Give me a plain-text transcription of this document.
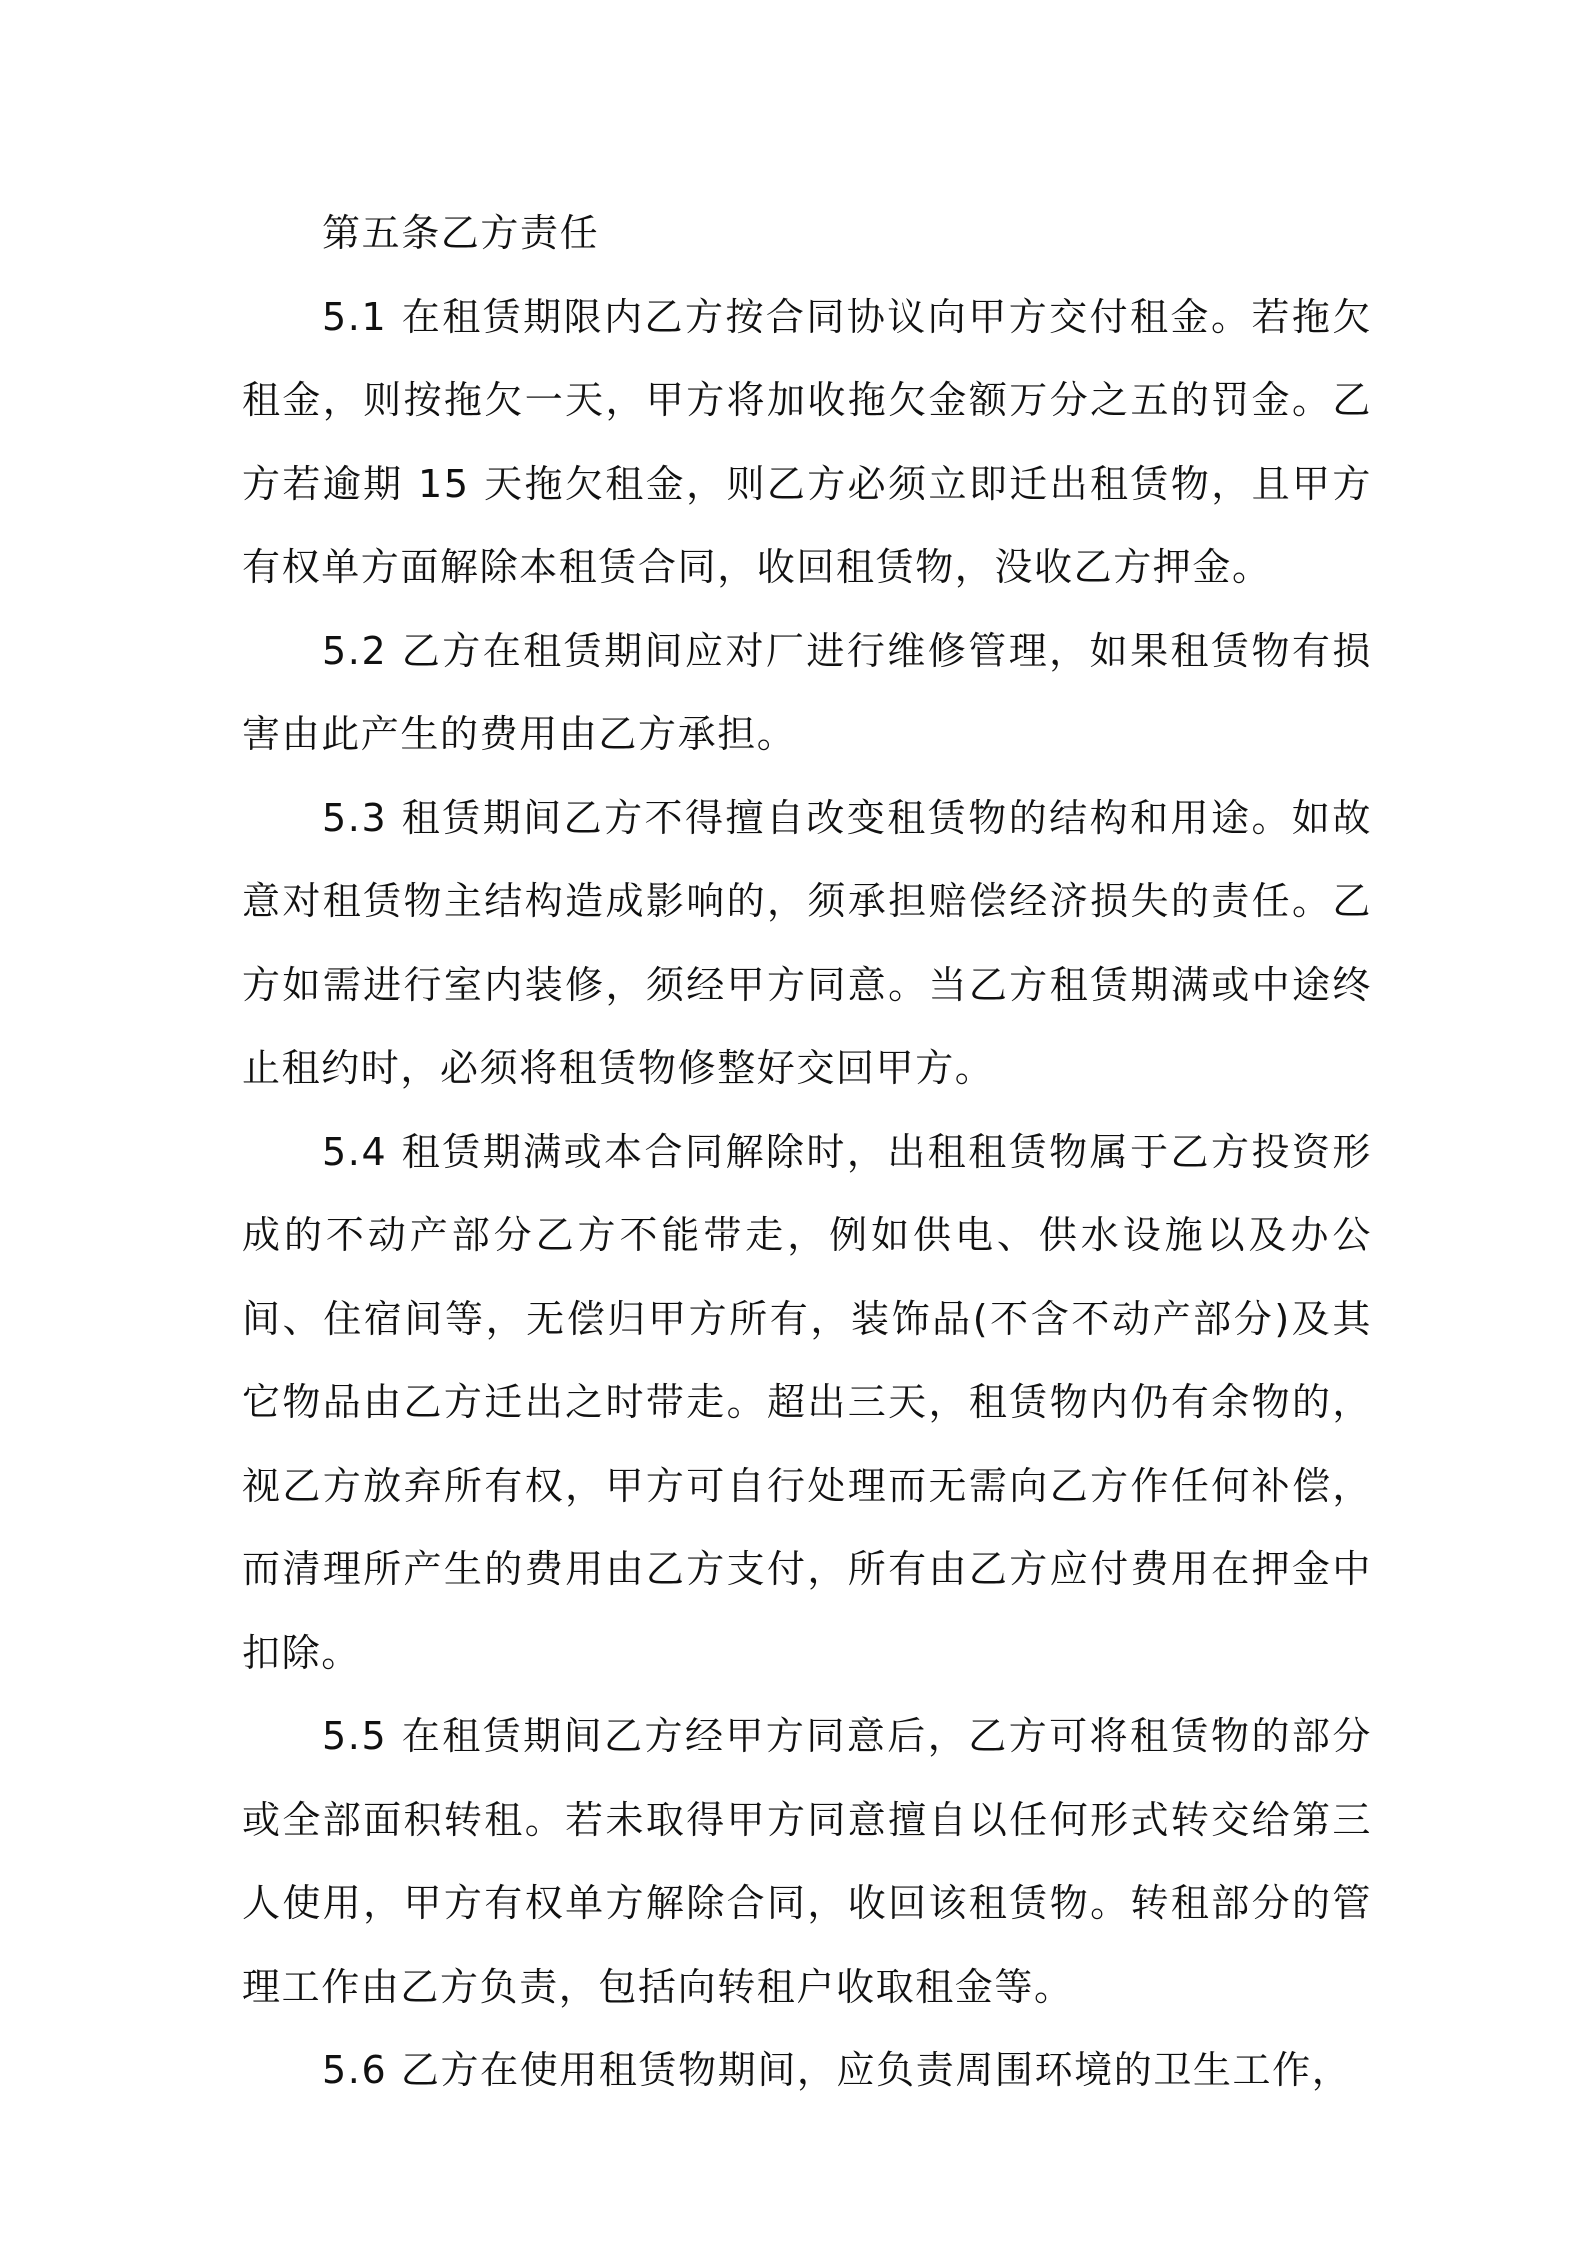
第五条乙方责任

5.1 在租赁期限内乙方按合同协议向甲方交付租金。若拖欠租金，则按拖欠一天，甲方将加收拖欠金额万分之五的罚金。乙方若逾期 15 天拖欠租金，则乙方必须立即迁出租赁物，且甲方有权单方面解除本租赁合同，收回租赁物，没收乙方押金。

5.2 乙方在租赁期间应对厂进行维修管理，如果租赁物有损害由此产生的费用由乙方承担。

5.3 租赁期间乙方不得擅自改变租赁物的结构和用途。如故意对租赁物主结构造成影响的，须承担赔偿经济损失的责任。乙方如需进行室内装修，须经甲方同意。当乙方租赁期满或中途终止租约时，必须将租赁物修整好交回甲方。

5.4 租赁期满或本合同解除时，出租租赁物属于乙方投资形成的不动产部分乙方不能带走，例如供电、供水设施以及办公间、住宿间等，无偿归甲方所有，装饰品(不含不动产部分)及其它物品由乙方迁出之时带走。超出三天，租赁物内仍有余物的，视乙方放弃所有权，甲方可自行处理而无需向乙方作任何补偿，而清理所产生的费用由乙方支付，所有由乙方应付费用在押金中扣除。

5.5 在租赁期间乙方经甲方同意后，乙方可将租赁物的部分或全部面积转租。若未取得甲方同意擅自以任何形式转交给第三人使用，甲方有权单方解除合同，收回该租赁物。转租部分的管理工作由乙方负责，包括向转租户收取租金等。

5.6 乙方在使用租赁物期间，应负责周围环境的卫生工作，
